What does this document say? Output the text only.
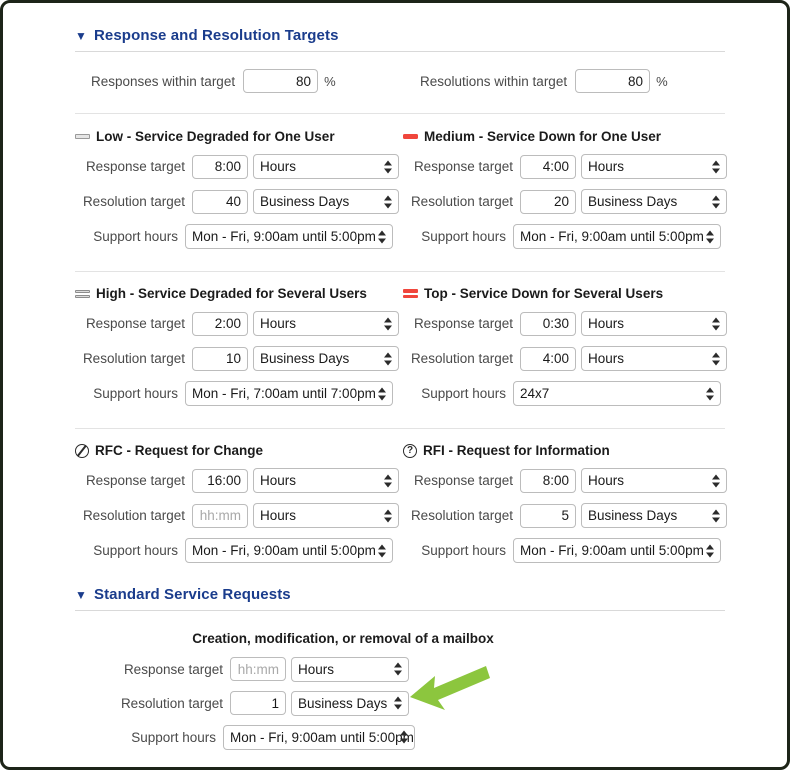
▼ Response and Resolution Targets
Responses within target
80	%	Resolutions within target
80	%
Low - Service Degraded for One User
Response target
8:00	Hours
Resolution target
40	Business Days
Support hours	Mon - Fri, 9:00am until 5:00pm
Medium - Service Down for One User
Response target
4:00	Hours
Resolution target
20	Business Days
Support hours	Mon - Fri, 9:00am until 5:00pm
High - Service Degraded for Several Users
Response target
2:00	Hours
Resolution target
10	Business Days
Support hours	Mon - Fri, 7:00am until 7:00pm
Top - Service Down for Several Users
Response target
0:30	Hours
Resolution target
4:00	Hours
Support hours	24x7
RFC - Request for Change
Response target
16:00	Hours
Resolution target
hh:mm	Hours
Support hours	Mon - Fri, 9:00am until 5:00pm
? RFI - Request for Information
Response target
8:00	Hours
Resolution target
5	Business Days
Support hours	Mon - Fri, 9:00am until 5:00pm
▼ Standard Service Requests
Creation, modification, or removal of a mailbox
Response target
hh:mm	Hours
Resolution target
1	Business Days
Support hours	Mon - Fri, 9:00am until 5:00pm
